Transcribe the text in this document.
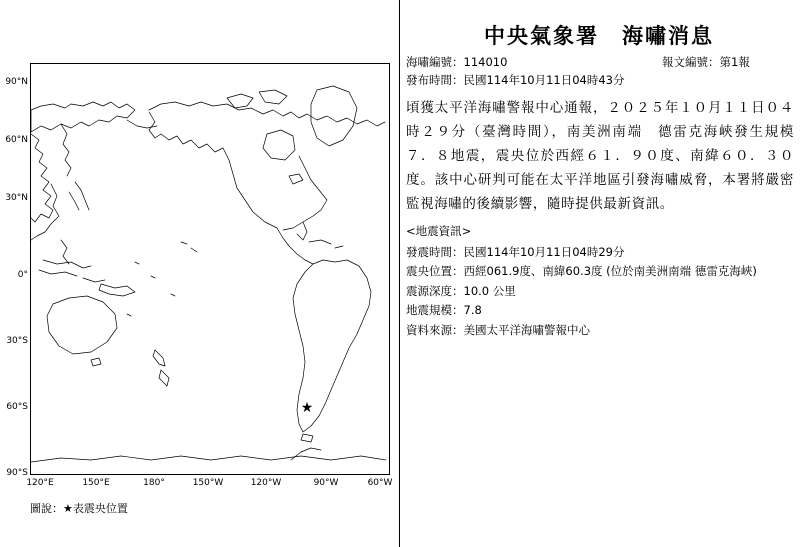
90°N
60°N
30°N
0°
30°S
60°S
90°S
120°E	150°E	180°	150°W	120°W	90°W	60°W
★
圖說：★表震央位置
中央氣象署　海嘯消息
海嘯編號：114010	報文編號：第1報
發布時間：民國114年10月11日04時43分
頃獲太平洋海嘯警報中心通報，２０２５年１０月１１日０４時２９分（臺灣時間），南美洲南端　德雷克海峽發生規模７．８地震，震央位於西經６１．９０度、南緯６０．３０度。該中心研判可能在太平洋地區引發海嘯威脅，本署將嚴密監視海嘯的後續影響，隨時提供最新資訊。
<地震資訊>
發震時間：民國114年10月11日04時29分
震央位置：西經061.9度、南緯60.3度 (位於南美洲南端 德雷克海峽)
震源深度：10.0 公里
地震規模：7.8
資料來源：美國太平洋海嘯警報中心
